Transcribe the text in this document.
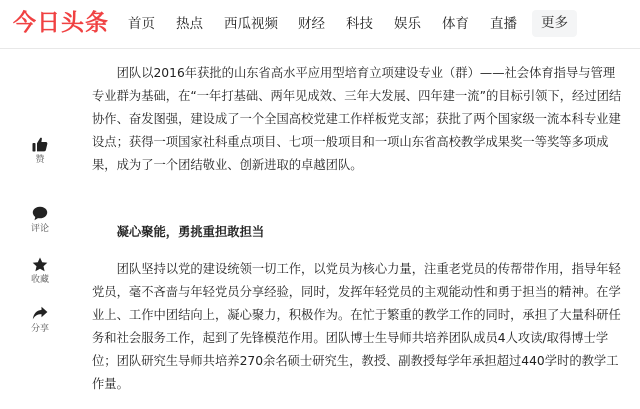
今日头条 首页 热点 西瓜视频 财经 科技 娱乐 体育 直播	更多
赞
评论
收藏
分享

团队以2016年获批的山东省高水平应用型培育立项建设专业（群）——社会体育指导与管理专业群为基础，在“一年打基础、两年见成效、三年大发展、四年建一流”的目标引领下，经过团结协作、奋发图强，建设成了一个全国高校党建工作样板党支部；获批了两个国家级一流本科专业建设点；获得一项国家社科重点项目、七项一般项目和一项山东省高校教学成果奖一等奖等多项成果，成为了一个团结敬业、创新进取的卓越团队。

凝心聚能，勇挑重担敢担当

团队坚持以党的建设统领一切工作，以党员为核心力量，注重老党员的传帮带作用，指导年轻党员，毫不吝啬与年轻党员分享经验，同时，发挥年轻党员的主观能动性和勇于担当的精神。在学业上、工作中团结向上，凝心聚力，积极作为。在忙于繁重的教学工作的同时，承担了大量科研任务和社会服务工作，起到了先锋模范作用。团队博士生导师共培养团队成员4人攻读/取得博士学位；团队研究生导师共培养270余名硕士研究生，教授、副教授每学年承担超过440学时的教学工作量。
